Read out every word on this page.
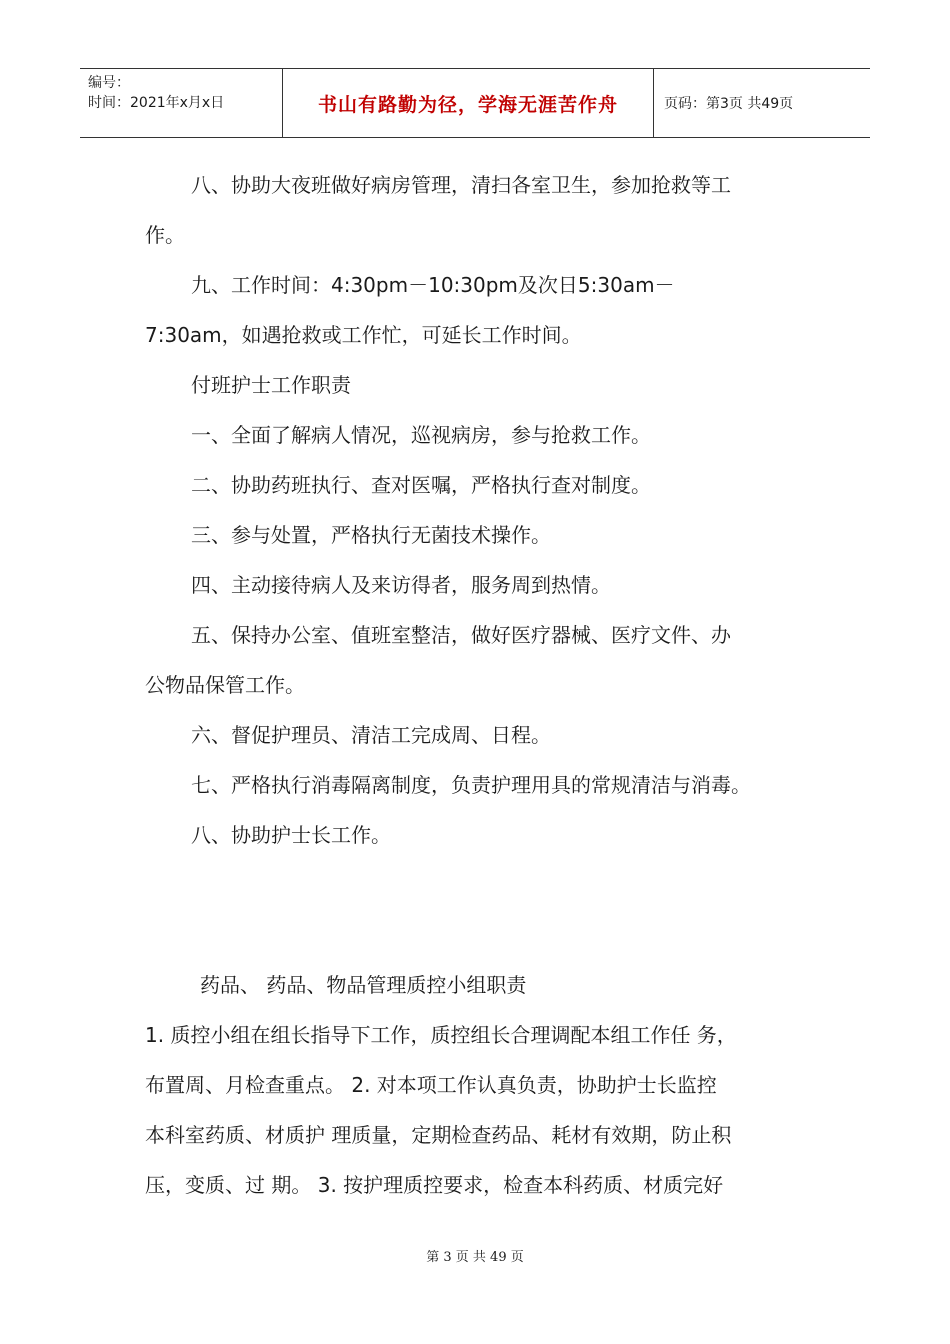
编号：
时间：2021年x月x日	书山有路勤为径，学海无涯苦作舟	页码：第3页 共49页
八、协助大夜班做好病房管理，清扫各室卫生，参加抢救等工
作。
九、工作时间：4:30pm－10:30pm及次日5:30am－
7:30am，如遇抢救或工作忙，可延长工作时间。
付班护士工作职责
一、全面了解病人情况，巡视病房，参与抢救工作。
二、协助药班执行、查对医嘱，严格执行查对制度。
三、参与处置，严格执行无菌技术操作。
四、主动接待病人及来访得者，服务周到热情。
五、保持办公室、值班室整洁，做好医疗器械、医疗文件、办
公物品保管工作。
六、督促护理员、清洁工完成周、日程。
七、严格执行消毒隔离制度，负责护理用具的常规清洁与消毒。
八、协助护士长工作。
药品、 药品、物品管理质控小组职责
1. 质控小组在组长指导下工作，质控组长合理调配本组工作任 务，
布置周、月检查重点。 2. 对本项工作认真负责，协助护士长监控
本科室药质、材质护 理质量，定期检查药品、耗材有效期，防止积
压，变质、过 期。 3. 按护理质控要求，检查本科药质、材质完好
第 3 页 共 49 页
